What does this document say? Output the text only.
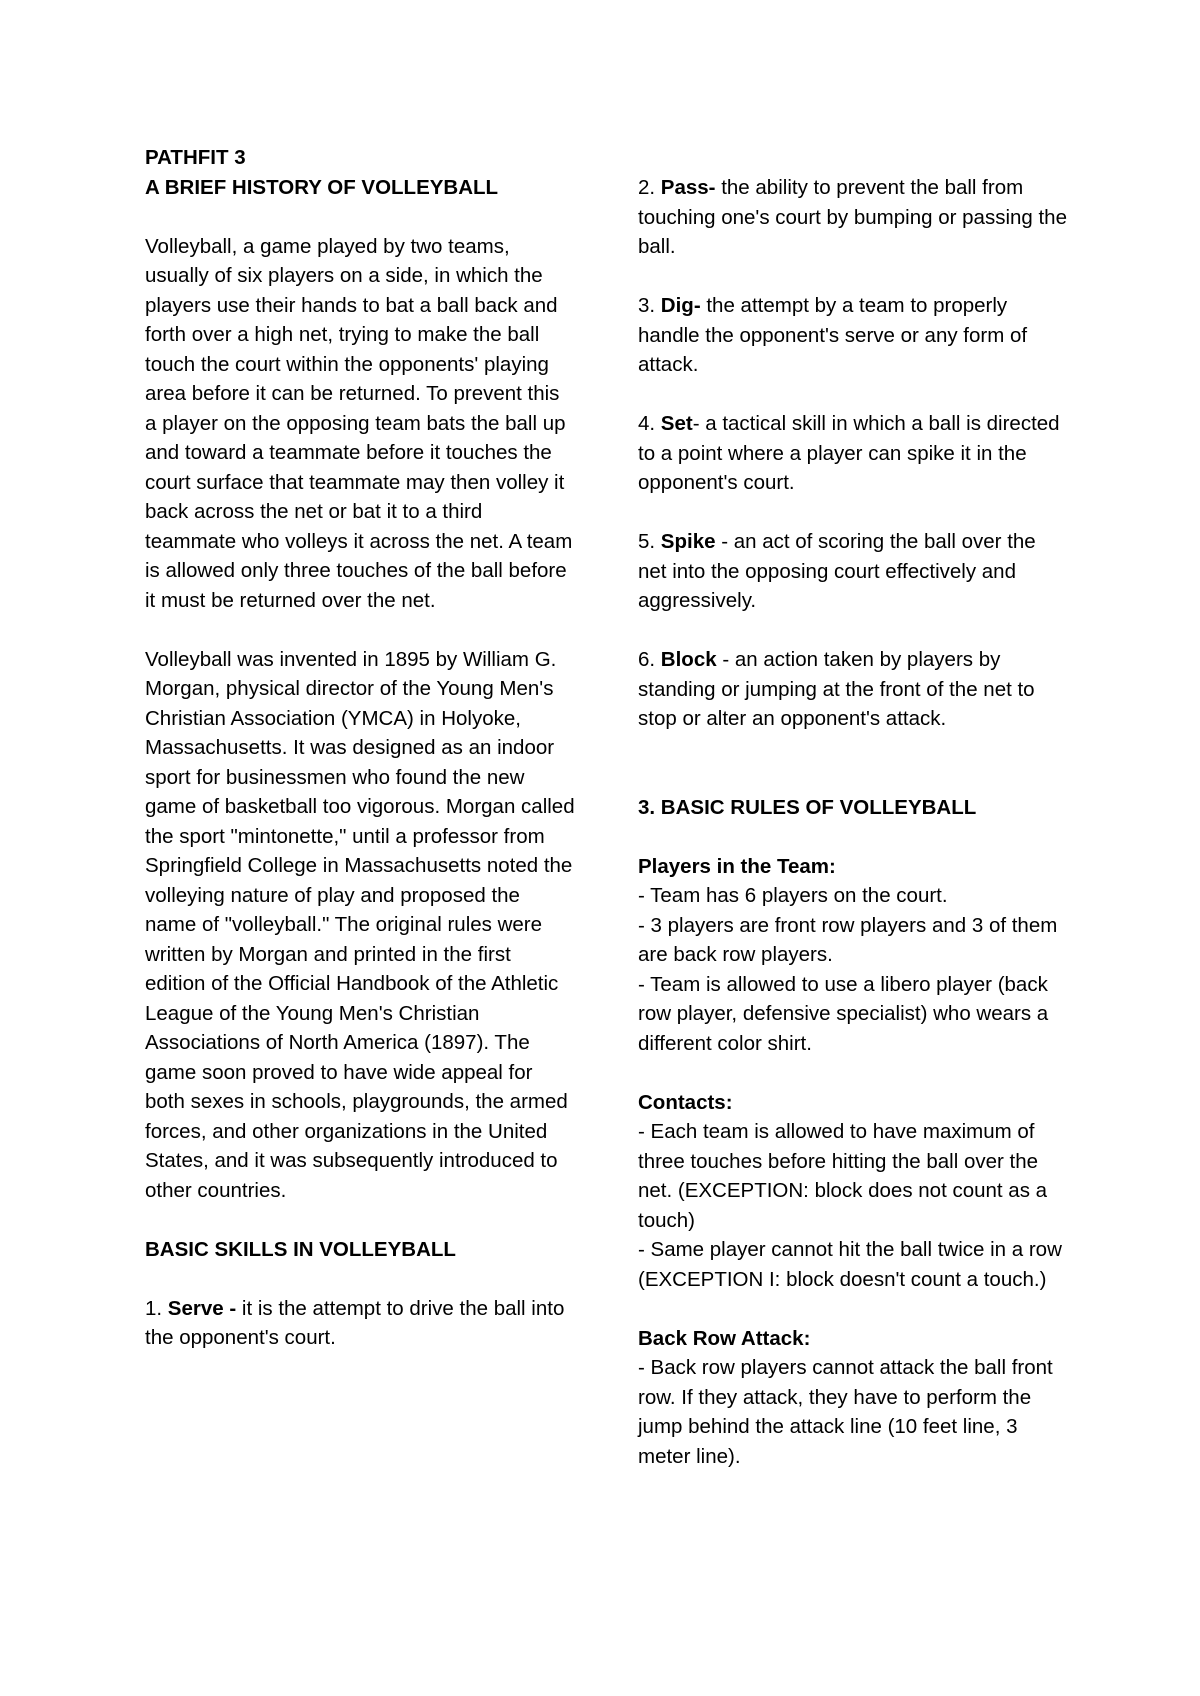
PATHFIT 3

A BRIEF HISTORY OF VOLLEYBALL

Volleyball, a game played by two teams, usually of six players on a side, in which the players use their hands to bat a ball back and forth over a high net, trying to make the ball touch the court within the opponents' playing area before it can be returned. To prevent this a player on the opposing team bats the ball up and toward a teammate before it touches the court surface that teammate may then volley it back across the net or bat it to a third teammate who volleys it across the net. A team is allowed only three touches of the ball before it must be returned over the net.

Volleyball was invented in 1895 by William G. Morgan, physical director of the Young Men's Christian Association (YMCA) in Holyoke, Massachusetts. It was designed as an indoor sport for businessmen who found the new game of basketball too vigorous. Morgan called the sport "mintonette," until a professor from Springfield College in Massachusetts noted the volleying nature of play and proposed the name of "volleyball." The original rules were written by Morgan and printed in the first edition of the Official Handbook of the Athletic League of the Young Men's Christian Associations of North America (1897). The game soon proved to have wide appeal for both sexes in schools, playgrounds, the armed forces, and other organizations in the United States, and it was subsequently introduced to other countries.

BASIC SKILLS IN VOLLEYBALL

1. Serve - it is the attempt to drive the ball into the opponent's court.

2. Pass- the ability to prevent the ball from touching one's court by bumping or passing the ball.

3. Dig- the attempt by a team to properly handle the opponent's serve or any form of attack.

4. Set- a tactical skill in which a ball is directed to a point where a player can spike it in the opponent's court.

5. Spike - an act of scoring the ball over the net into the opposing court effectively and aggressively.

6. Block - an action taken by players by standing or jumping at the front of the net to stop or alter an opponent's attack.

3. BASIC RULES OF VOLLEYBALL

Players in the Team:

- Team has 6 players on the court.

- 3 players are front row players and 3 of them are back row players.

- Team is allowed to use a libero player (back row player, defensive specialist) who wears a different color shirt.

Contacts:

- Each team is allowed to have maximum of three touches before hitting the ball over the net. (EXCEPTION: block does not count as a touch)

- Same player cannot hit the ball twice in a row (EXCEPTION I: block doesn't count a touch.)

Back Row Attack:

- Back row players cannot attack the ball front row. If they attack, they have to perform the jump behind the attack line (10 feet line, 3 meter line).
